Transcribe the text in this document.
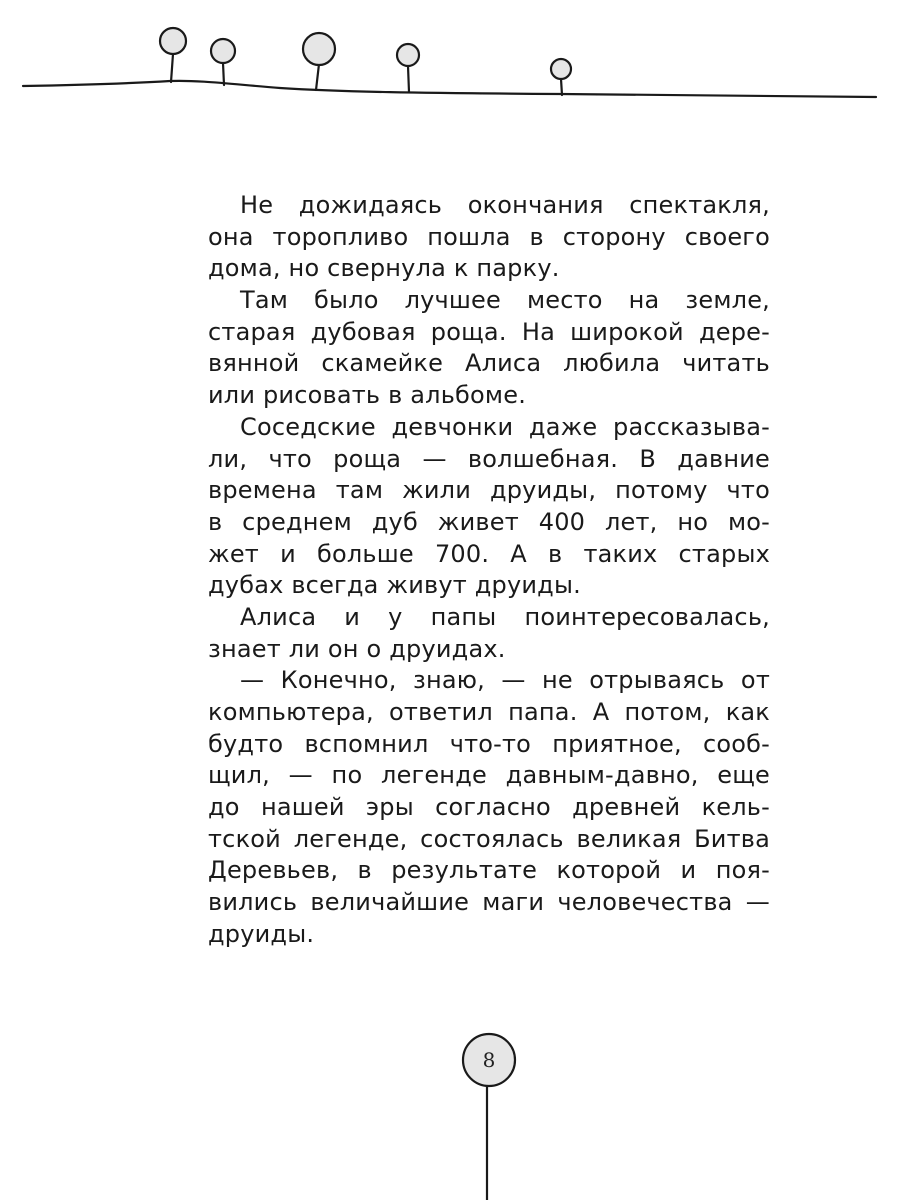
Не дожидаясь окончания спектакля,
она торопливо пошла в сторону своего
дома, но свернула к парку.
Там было лучшее место на земле,
старая дубовая роща. На широкой дере-
вянной скамейке Алиса любила читать
или рисовать в альбоме.
Соседские девчонки даже рассказыва-
ли, что роща — волшебная. В давние
времена там жили друиды, потому что
в среднем дуб живет 400 лет, но мо-
жет и больше 700. А в таких старых
дубах всегда живут друиды.
Алиса и у папы поинтересовалась,
знает ли он о друидах.
— Конечно, знаю, — не отрываясь от
компьютера, ответил папа. А потом, как
будто вспомнил что-то приятное, сооб-
щил, — по легенде давным-давно, еще
до нашей эры согласно древней кель-
тской легенде, состоялась великая Битва
Деревьев, в результате которой и поя-
вились величайшие маги человечества —
друиды.
8
